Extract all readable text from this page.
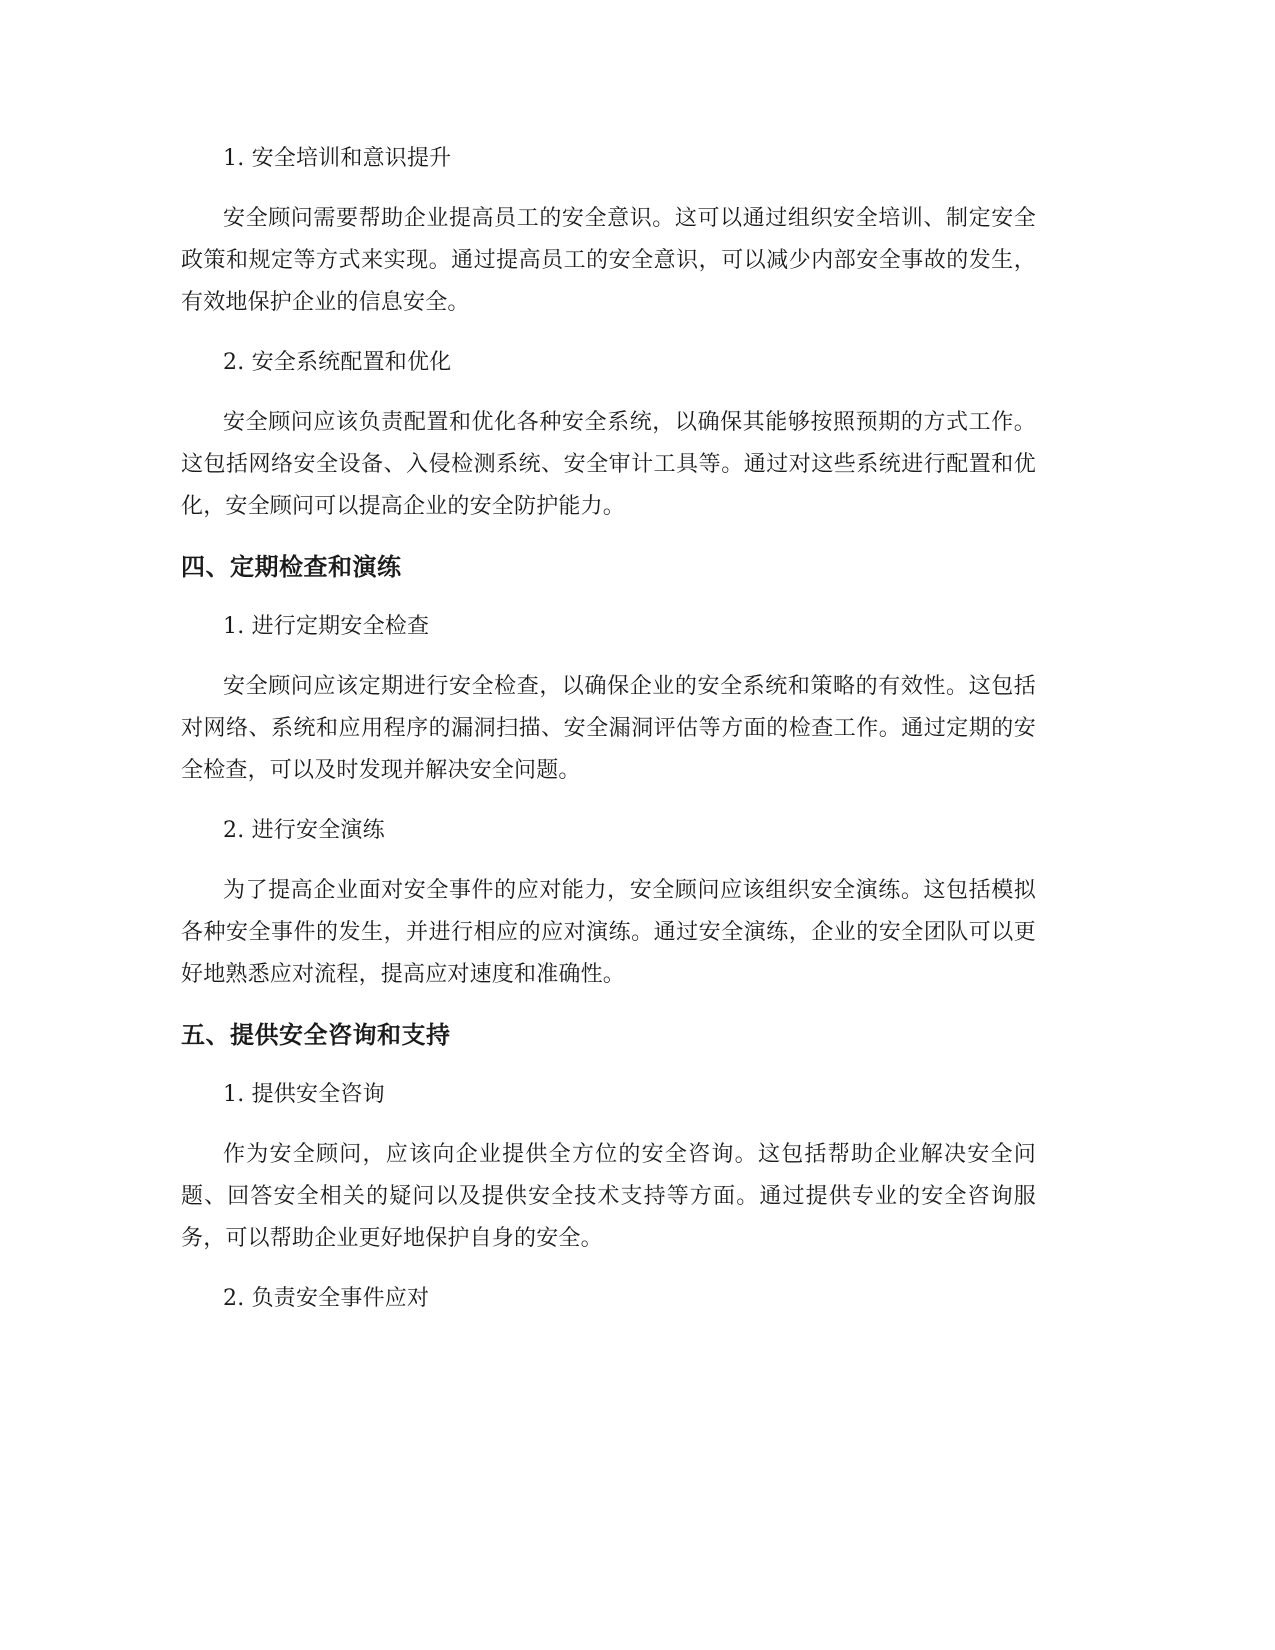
1. 安全培训和意识提升

安全顾问需要帮助企业提高员工的安全意识。这可以通过组织安全培训、制定安全政策和规定等方式来实现。通过提高员工的安全意识，可以减少内部安全事故的发生，有效地保护企业的信息安全。

2. 安全系统配置和优化

安全顾问应该负责配置和优化各种安全系统，以确保其能够按照预期的方式工作。这包括网络安全设备、入侵检测系统、安全审计工具等。通过对这些系统进行配置和优化，安全顾问可以提高企业的安全防护能力。

四、定期检查和演练

1. 进行定期安全检查

安全顾问应该定期进行安全检查，以确保企业的安全系统和策略的有效性。这包括对网络、系统和应用程序的漏洞扫描、安全漏洞评估等方面的检查工作。通过定期的安全检查，可以及时发现并解决安全问题。

2. 进行安全演练

为了提高企业面对安全事件的应对能力，安全顾问应该组织安全演练。这包括模拟各种安全事件的发生，并进行相应的应对演练。通过安全演练，企业的安全团队可以更好地熟悉应对流程，提高应对速度和准确性。

五、提供安全咨询和支持

1. 提供安全咨询

作为安全顾问，应该向企业提供全方位的安全咨询。这包括帮助企业解决安全问题、回答安全相关的疑问以及提供安全技术支持等方面。通过提供专业的安全咨询服务，可以帮助企业更好地保护自身的安全。

2. 负责安全事件应对
